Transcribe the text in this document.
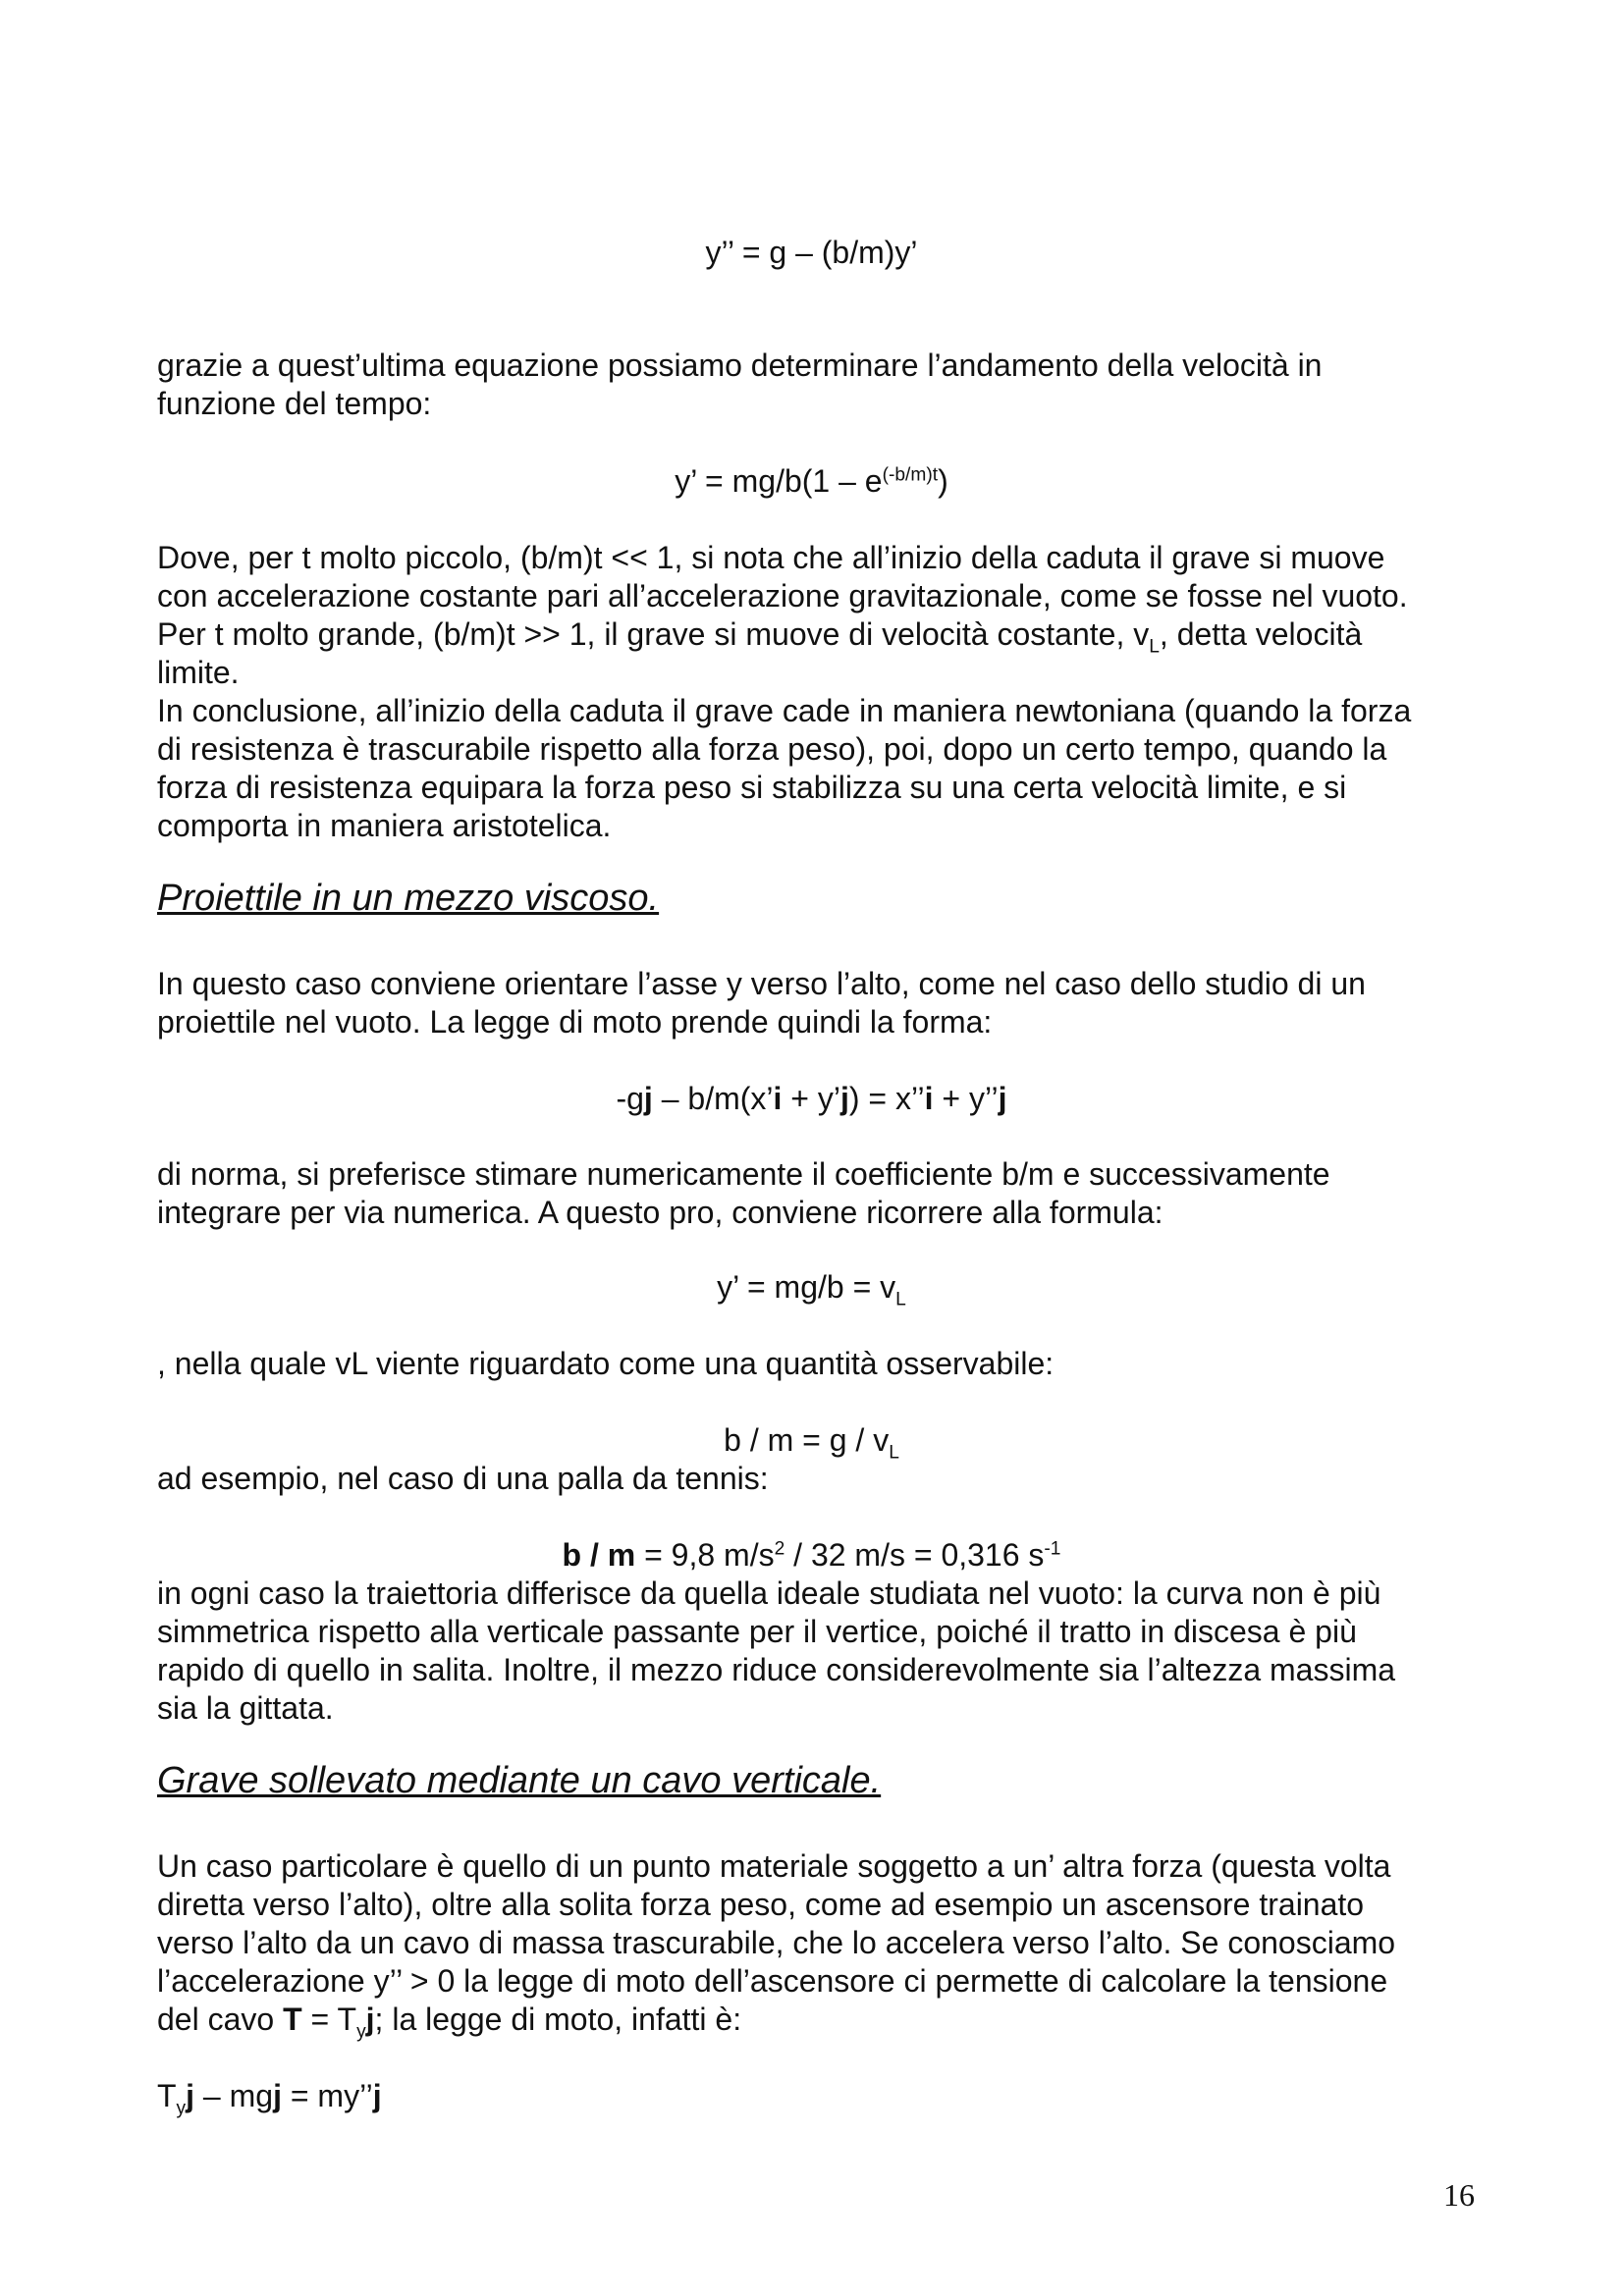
y’’ = g – (b/m)y’
grazie a quest’ultima equazione possiamo determinare l’andamento della velocità in
funzione del tempo:
y’ = $mg/b(1 - e^{(-b/m)t})$
Dove, per t molto piccolo, (b/m)t << 1, si nota che all’inizio della caduta il grave si muove
con accelerazione costante pari all’accelerazione gravitazionale, come se fosse nel vuoto.
Per t molto grande, (b/m)t >> 1, il grave si muove di velocità costante, $v_L$, detta velocità
limite.
In conclusione, all’inizio della caduta il grave cade in maniera newtoniana (quando la forza
di resistenza è trascurabile rispetto alla forza peso), poi, dopo un certo tempo, quando la
forza di resistenza equipara la forza peso si stabilizza su una certa velocità limite, e si
comporta in maniera aristotelica.
Proiettile in un mezzo viscoso.
In questo caso conviene orientare l’asse y verso l’alto, come nel caso dello studio di un
proiettile nel vuoto. La legge di moto prende quindi la forma:
-gj – b/m(x’i + y’j) = x’’i + y’’j
di norma, si preferisce stimare numericamente il coefficiente b/m e successivamente
integrare per via numerica. A questo pro, conviene ricorrere alla formula:
y’ = $mg/b = v_L$
, nella quale vL viente riguardato come una quantità osservabile:
$b / m = g / v_L$
ad esempio, nel caso di una palla da tennis:
b / m = 9,8 $m/s^2 / 32$ m/s = 0,316 $s^{-1}$
in ogni caso la traiettoria differisce da quella ideale studiata nel vuoto: la curva non è più
simmetrica rispetto alla verticale passante per il vertice, poiché il tratto in discesa è più
rapido di quello in salita. Inoltre, il mezzo riduce considerevolmente sia l’altezza massima
sia la gittata.
Grave sollevato mediante un cavo verticale.
Un caso particolare è quello di un punto materiale soggetto a un’ altra forza (questa volta
diretta verso l’alto), oltre alla solita forza peso, come ad esempio un ascensore trainato
verso l’alto da un cavo di massa trascurabile, che lo accelera verso l’alto. Se conosciamo
l’accelerazione y’’ > 0 la legge di moto dell’ascensore ci permette di calcolare la tensione
del cavo $T = T_yj$; la legge di moto, infatti è:
$T_yj$ – mgj = my’’j
16
